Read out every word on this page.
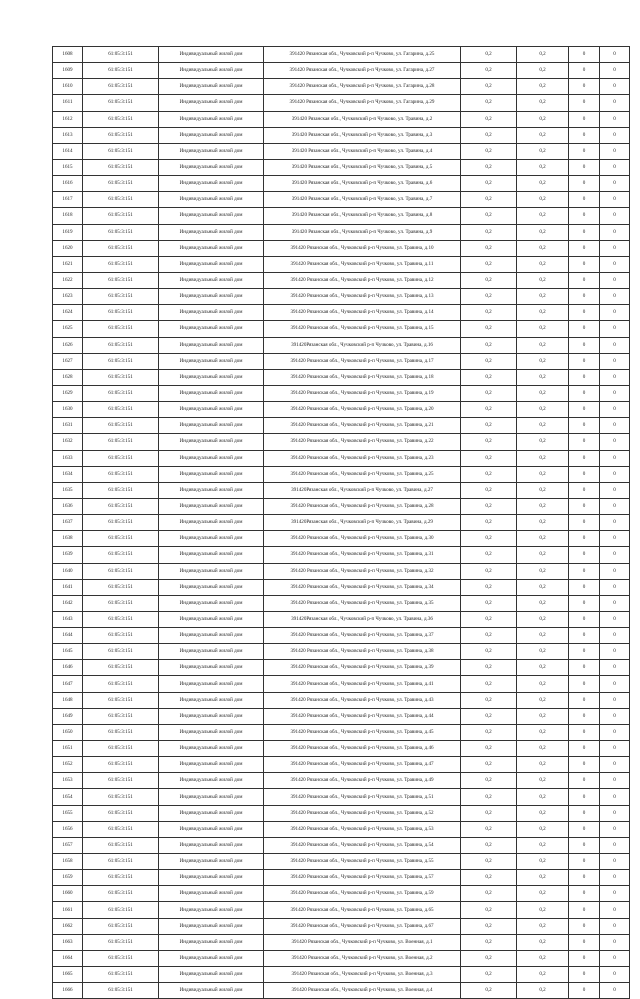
1608	61:05:3:151	Индивидуальный жилой дом	391420 Рязанская обл., Чучковский р-п Чучково, ул. Гагарина, д.25	0,2	0,2	0	0
1609	61:05:3:151	Индивидуальный жилой дом	391420 Рязанская обл., Чучковский р-п Чучково, ул. Гагарина, д.27	0,2	0,2	0	0
1610	61:05:3:151	Индивидуальный жилой дом	391420 Рязанская обл., Чучковский р-п Чучково, ул. Гагарина, д.28	0,2	0,2	0	0
1611	61:05:3:151	Индивидуальный жилой дом	391420 Рязанская обл., Чучковский р-п Чучково, ул. Гагарина, д.29	0,2	0,2	0	0
1612	61:05:3:151	Индивидуальный жилой дом	391420 Рязанская обл., Чучковский р-п Чучково, ул. Травина, д.2	0,2	0,2	0	0
1613	61:05:3:151	Индивидуальный жилой дом	391420 Рязанская обл., Чучковский р-п Чучково, ул. Травина, д.3	0,2	0,2	0	0
1614	61:05:3:151	Индивидуальный жилой дом	391420 Рязанская обл., Чучковский р-п Чучково, ул. Травина, д.4	0,2	0,2	0	0
1615	61:05:3:151	Индивидуальный жилой дом	391420 Рязанская обл., Чучковский р-п Чучково, ул. Травина, д.5	0,2	0,2	0	0
1616	61:05:3:151	Индивидуальный жилой дом	391420 Рязанская обл., Чучковский р-п Чучково, ул. Травина, д.6	0,2	0,2	0	0
1617	61:05:3:151	Индивидуальный жилой дом	391420 Рязанская обл., Чучковский р-п Чучково, ул. Травина, д.7	0,2	0,2	0	0
1618	61:05:3:151	Индивидуальный жилой дом	391420 Рязанская обл., Чучковский р-п Чучково, ул. Травина, д.8	0,2	0,2	0	0
1619	61:05:3:151	Индивидуальный жилой дом	391420 Рязанская обл., Чучковский р-п Чучково, ул. Травина, д.9	0,2	0,2	0	0
1620	61:05:3:151	Индивидуальный жилой дом	391420 Рязанская обл., Чучковский р-п Чучково, ул. Травина, д.10	0,2	0,2	0	0
1621	61:05:3:151	Индивидуальный жилой дом	391420 Рязанская обл., Чучковский р-п Чучково, ул. Травина, д.11	0,2	0,2	0	0
1622	61:05:3:151	Индивидуальный жилой дом	391420 Рязанская обл., Чучковский р-п Чучково, ул. Травина, д.12	0,2	0,2	0	0
1623	61:05:3:151	Индивидуальный жилой дом	391420 Рязанская обл., Чучковский р-п Чучково, ул. Травина, д.13	0,2	0,2	0	0
1624	61:05:3:151	Индивидуальный жилой дом	391420 Рязанская обл., Чучковский р-п Чучково, ул. Травина, д.14	0,2	0,2	0	0
1625	61:05:3:151	Индивидуальный жилой дом	391420 Рязанская обл., Чучковский р-п Чучково, ул. Травина, д.15	0,2	0,2	0	0
1626	61:05:3:151	Индивидуальный жилой дом	391420Рязанская обл., Чучковский р-п Чучково, ул. Травина, д.16	0,2	0,2	0	0
1627	61:05:3:151	Индивидуальный жилой дом	391420 Рязанская обл., Чучковский р-п Чучково, ул. Травина, д.17	0,2	0,2	0	0
1628	61:05:3:151	Индивидуальный жилой дом	391420 Рязанская обл., Чучковский р-п Чучково, ул. Травина, д.18	0,2	0,2	0	0
1629	61:05:3:151	Индивидуальный жилой дом	391420 Рязанская обл., Чучковский р-п Чучково, ул. Травина, д.19	0,2	0,2	0	0
1630	61:05:3:151	Индивидуальный жилой дом	391420 Рязанская обл., Чучковский р-п Чучково, ул. Травина, д.20	0,2	0,2	0	0
1631	61:05:3:151	Индивидуальный жилой дом	391420 Рязанская обл., Чучковский р-п Чучково, ул. Травина, д.21	0,2	0,2	0	0
1632	61:05:3:151	Индивидуальный жилой дом	391420 Рязанская обл., Чучковский р-п Чучково, ул. Травина, д.22	0,2	0,2	0	0
1633	61:05:3:151	Индивидуальный жилой дом	391420 Рязанская обл., Чучковский р-п Чучково, ул. Травина, д.23	0,2	0,2	0	0
1634	61:05:3:151	Индивидуальный жилой дом	391420 Рязанская обл., Чучковский р-п Чучково, ул. Травина, д.25	0,2	0,2	0	0
1635	61:05:3:151	Индивидуальный жилой дом	391420Рязанская обл., Чучковский р-п Чучково, ул. Травина, д.27	0,2	0,2	0	0
1636	61:05:3:151	Индивидуальный жилой дом	391420 Рязанская обл., Чучковский р-п Чучково, ул. Травина, д.28	0,2	0,2	0	0
1637	61:05:3:151	Индивидуальный жилой дом	391420Рязанская обл., Чучковский р-п Чучково, ул. Травина, д.29	0,2	0,2	0	0
1638	61:05:3:151	Индивидуальный жилой дом	391420 Рязанская обл., Чучковский р-п Чучково, ул. Травина, д.30	0,2	0,2	0	0
1639	61:05:3:151	Индивидуальный жилой дом	391420 Рязанская обл., Чучковский р-п Чучково, ул. Травина, д.31	0,2	0,2	0	0
1640	61:05:3:151	Индивидуальный жилой дом	391420 Рязанская обл., Чучковский р-п Чучково, ул. Травина, д.32	0,2	0,2	0	0
1641	61:05:3:151	Индивидуальный жилой дом	391420 Рязанская обл., Чучковский р-п Чучково, ул. Травина, д.34	0,2	0,2	0	0
1642	61:05:3:151	Индивидуальный жилой дом	391420 Рязанская обл., Чучковский р-п Чучково, ул. Травина, д.35	0,2	0,2	0	0
1643	61:05:3:151	Индивидуальный жилой дом	391420Рязанская обл., Чучковский р-п Чучково, ул. Травина, д.36	0,2	0,2	0	0
1644	61:05:3:151	Индивидуальный жилой дом	391420 Рязанская обл., Чучковский р-п Чучково, ул. Травина, д.37	0,2	0,2	0	0
1645	61:05:3:151	Индивидуальный жилой дом	391420 Рязанская обл., Чучковский р-п Чучково, ул. Травина, д.38	0,2	0,2	0	0
1646	61:05:3:151	Индивидуальный жилой дом	391420 Рязанская обл., Чучковский р-п Чучково, ул. Травина, д.39	0,2	0,2	0	0
1647	61:05:3:151	Индивидуальный жилой дом	391420 Рязанская обл., Чучковский р-п Чучково, ул. Травина, д.41	0,2	0,2	0	0
1648	61:05:3:151	Индивидуальный жилой дом	391420 Рязанская обл., Чучковский р-п Чучково, ул. Травина, д.43	0,2	0,2	0	0
1649	61:05:3:151	Индивидуальный жилой дом	391420 Рязанская обл., Чучковский р-п Чучково, ул. Травина, д.44	0,2	0,2	0	0
1650	61:05:3:151	Индивидуальный жилой дом	391420 Рязанская обл., Чучковский р-п Чучково, ул. Травина, д.45	0,2	0,2	0	0
1651	61:05:3:151	Индивидуальный жилой дом	391420 Рязанская обл., Чучковский р-п Чучково, ул. Травина, д.46	0,2	0,2	0	0
1652	61:05:3:151	Индивидуальный жилой дом	391420 Рязанская обл., Чучковский р-п Чучково, ул. Травина, д.47	0,2	0,2	0	0
1653	61:05:3:151	Индивидуальный жилой дом	391420 Рязанская обл., Чучковский р-п Чучково, ул. Травина, д.49	0,2	0,2	0	0
1654	61:05:3:151	Индивидуальный жилой дом	391420 Рязанская обл., Чучковский р-п Чучково, ул. Травина, д.51	0,2	0,2	0	0
1655	61:05:3:151	Индивидуальный жилой дом	391420 Рязанская обл., Чучковский р-п Чучково, ул. Травина, д.52	0,2	0,2	0	0
1656	61:05:3:151	Индивидуальный жилой дом	391420 Рязанская обл., Чучковский р-п Чучково, ул. Травина, д.53	0,2	0,2	0	0
1657	61:05:3:151	Индивидуальный жилой дом	391420 Рязанская обл., Чучковский р-п Чучково, ул. Травина, д.54	0,2	0,2	0	0
1658	61:05:3:151	Индивидуальный жилой дом	391420 Рязанская обл., Чучковский р-п Чучково, ул. Травина, д.55	0,2	0,2	0	0
1659	61:05:3:151	Индивидуальный жилой дом	391420 Рязанская обл., Чучковский р-п Чучково, ул. Травина, д.57	0,2	0,2	0	0
1660	61:05:3:151	Индивидуальный жилой дом	391420 Рязанская обл., Чучковский р-п Чучково, ул. Травина, д.59	0,2	0,2	0	0
1661	61:05:3:151	Индивидуальный жилой дом	391420 Рязанская обл., Чучковский р-п Чучково, ул. Травина, д.65	0,2	0,2	0	0
1662	61:05:3:151	Индивидуальный жилой дом	391420 Рязанская обл., Чучковский р-п Чучково, ул. Травина, д.67	0,2	0,2	0	0
1663	61:05:3:151	Индивидуальный жилой дом	391420 Рязанская обл., Чучковский р-п Чучково, ул. Военная, д.1	0,2	0,2	0	0
1664	61:05:3:151	Индивидуальный жилой дом	391420 Рязанская обл., Чучковский р-п Чучково, ул. Военная, д.2	0,2	0,2	0	0
1665	61:05:3:151	Индивидуальный жилой дом	391420 Рязанская обл., Чучковский р-п Чучково, ул. Военная, д.3	0,2	0,2	0	0
1666	61:05:3:151	Индивидуальный жилой дом	391420 Рязанская обл., Чучковский р-п Чучково, ул. Военная, д.4	0,2	0,2	0	0
